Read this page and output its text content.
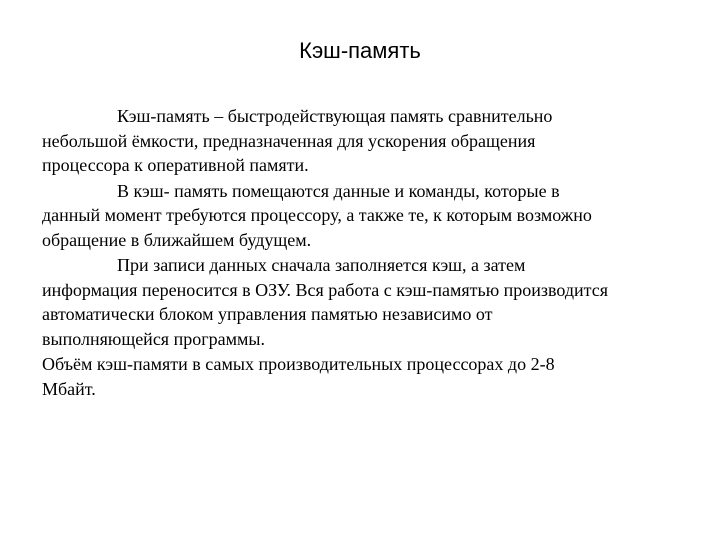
Кэш-память

Кэш-память – быстродействующая память сравнительно
небольшой ёмкости, предназначенная для ускорения обращения
процессора к оперативной памяти.

В кэш- память помещаются данные и команды, которые в
данный момент требуются процессору, а также те, к которым возможно
обращение в ближайшем будущем.

При записи данных сначала заполняется кэш, а затем
информация переносится в ОЗУ. Вся работа с кэш-памятью производится
автоматически блоком управления памятью независимо от
выполняющейся программы.

Объём кэш-памяти в самых производительных процессорах до 2-8
Мбайт.
